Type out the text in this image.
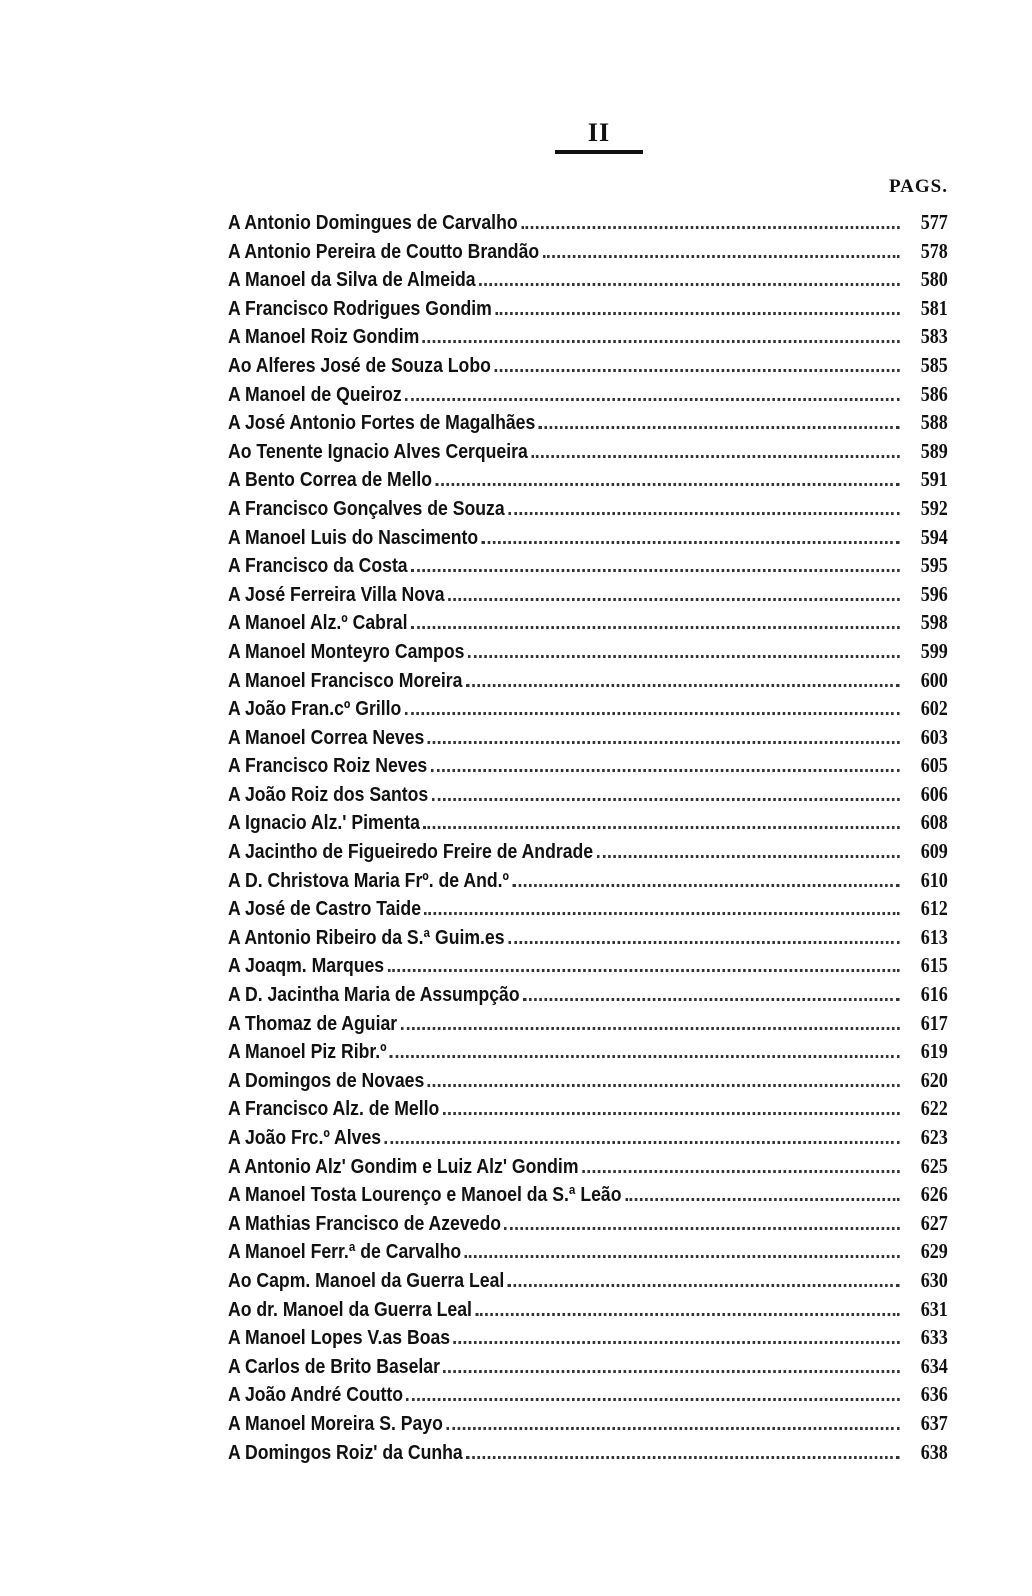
II
PAGS.
A Antonio Domingues de Carvalho	577
A Antonio Pereira de Coutto Brandão	578
A Manoel da Silva de Almeida	580
A Francisco Rodrigues Gondim	581
A Manoel Roiz Gondim	583
Ao Alferes José de Souza Lobo	585
A Manoel de Queiroz	586
A José Antonio Fortes de Magalhães	588
Ao Tenente Ignacio Alves Cerqueira	589
A Bento Correa de Mello	591
A Francisco Gonçalves de Souza	592
A Manoel Luis do Nascimento	594
A Francisco da Costa	595
A José Ferreira Villa Nova	596
A Manoel Alz.º Cabral	598
A Manoel Monteyro Campos	599
A Manoel Francisco Moreira	600
A João Fran.cº Grillo	602
A Manoel Correa Neves	603
A Francisco Roiz Neves	605
A João Roiz dos Santos	606
A Ignacio Alz.' Pimenta	608
A Jacintho de Figueiredo Freire de Andrade	609
A D. Christova Maria Frº. de And.º	610
A José de Castro Taide	612
A Antonio Ribeiro da S.ª Guim.es	613
A Joaqm. Marques	615
A D. Jacintha Maria de Assumpção	616
A Thomaz de Aguiar	617
A Manoel Piz Ribr.º	619
A Domingos de Novaes	620
A Francisco Alz. de Mello	622
A João Frc.º Alves	623
A Antonio Alz' Gondim e Luiz Alz' Gondim	625
A Manoel Tosta Lourenço e Manoel da S.ª Leão	626
A Mathias Francisco de Azevedo	627
A Manoel Ferr.ª de Carvalho	629
Ao Capm. Manoel da Guerra Leal	630
Ao dr. Manoel da Guerra Leal	631
A Manoel Lopes V.as Boas	633
A Carlos de Brito Baselar	634
A João André Coutto	636
A Manoel Moreira S. Payo	637
A Domingos Roiz' da Cunha	638
